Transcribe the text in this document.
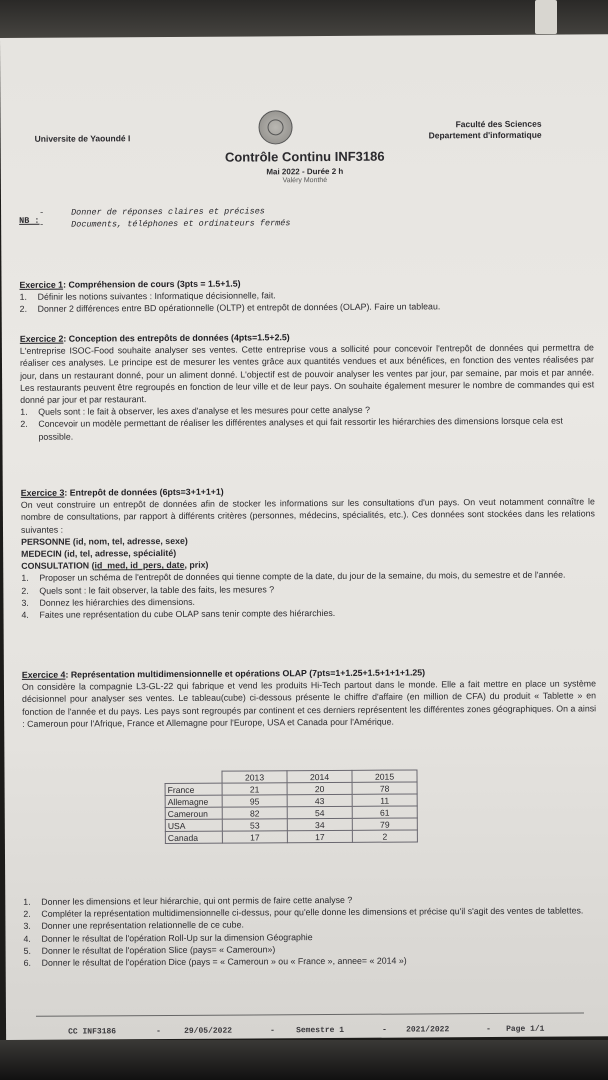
Universite de Yaoundé I
Faculté des Sciences
Departement d'informatique
Contrôle Continu INF3186
Mai 2022 - Durée 2 h
Valéry Monthé
NB :
-
-
Donner de réponses claires et précises
Documents, téléphones et ordinateurs fermés

Exercice 1: Compréhension de cours (3pts = 1.5+1.5)

1. Définir les notions suivantes : Informatique décisionnelle, fait.
2. Donner 2 différences entre BD opérationnelle (OLTP) et entrepôt de données (OLAP). Faire un tableau.

Exercice 2: Conception des entrepôts de données (4pts=1.5+2.5)

L'entreprise ISOC-Food souhaite analyser ses ventes. Cette entreprise vous a sollicité pour concevoir l'entrepôt de données qui permettra de réaliser ces analyses. Le principe est de mesurer les ventes grâce aux quantités vendues et aux bénéfices, en fonction des ventes réalisées par jour, dans un restaurant donné, pour un aliment donné. L'objectif est de pouvoir analyser les ventes par jour, par semaine, par mois et par année. Les restaurants peuvent être regroupés en fonction de leur ville et de leur pays. On souhaite également mesurer le nombre de commandes qui est donné par jour et par restaurant.

1. Quels sont : le fait à observer, les axes d'analyse et les mesures pour cette analyse ?
2. Concevoir un modèle permettant de réaliser les différentes analyses et qui fait ressortir les hiérarchies des dimensions lorsque cela est possible.

Exercice 3: Entrepôt de données (6pts=3+1+1+1)

On veut construire un entrepôt de données afin de stocker les informations sur les consultations d'un pays. On veut notamment connaître le nombre de consultations, par rapport à différents critères (personnes, médecins, spécialités, etc.). Ces données sont stockées dans les relations suivantes :

PERSONNE (id, nom, tel, adresse, sexe)

MEDECIN (id, tel, adresse, spécialité)

CONSULTATION (id_med, id_pers, date, prix)

1. Proposer un schéma de l'entrepôt de données qui tienne compte de la date, du jour de la semaine, du mois, du semestre et de l'année.
2. Quels sont : le fait observer, la table des faits, les mesures ?
3. Donnez les hiérarchies des dimensions.
4. Faites une représentation du cube OLAP sans tenir compte des hiérarchies.

Exercice 4: Représentation multidimensionnelle et opérations OLAP (7pts=1+1.25+1.5+1+1+1.25)

On considère la compagnie L3-GL-22 qui fabrique et vend les produits Hi-Tech partout dans le monde. Elle a fait mettre en place un système décisionnel pour analyser ses ventes. Le tableau(cube) ci-dessous présente le chiffre d'affaire (en million de CFA) du produit « Tablette » en fonction de l'année et du pays. Les pays sont regroupés par continent et ces derniers représentent les différentes zones géographiques. On a ainsi : Cameroun pour l'Afrique, France et Allemagne pour l'Europe, USA et Canada pour l'Amérique.

	2013	2014	2015
France	21	20	78
Allemagne	95	43	11
Cameroun	82	54	61
USA	53	34	79
Canada	17	17	2
1. Donner les dimensions et leur hiérarchie, qui ont permis de faire cette analyse ?
2. Compléter la représentation multidimensionnelle ci-dessus, pour qu'elle donne les dimensions et précise qu'il s'agit des ventes de tablettes.
3. Donner une représentation relationnelle de ce cube.
4. Donner le résultat de l'opération Roll-Up sur la dimension Géographie
5. Donner le résultat de l'opération Slice (pays= « Cameroun»)
6. Donner le résultat de l'opération Dice (pays = « Cameroun » ou « France », annee= « 2014 »)
CC INF3186	-	29/05/2022	-	Semestre 1	- 2021/2022	- Page 1/1
